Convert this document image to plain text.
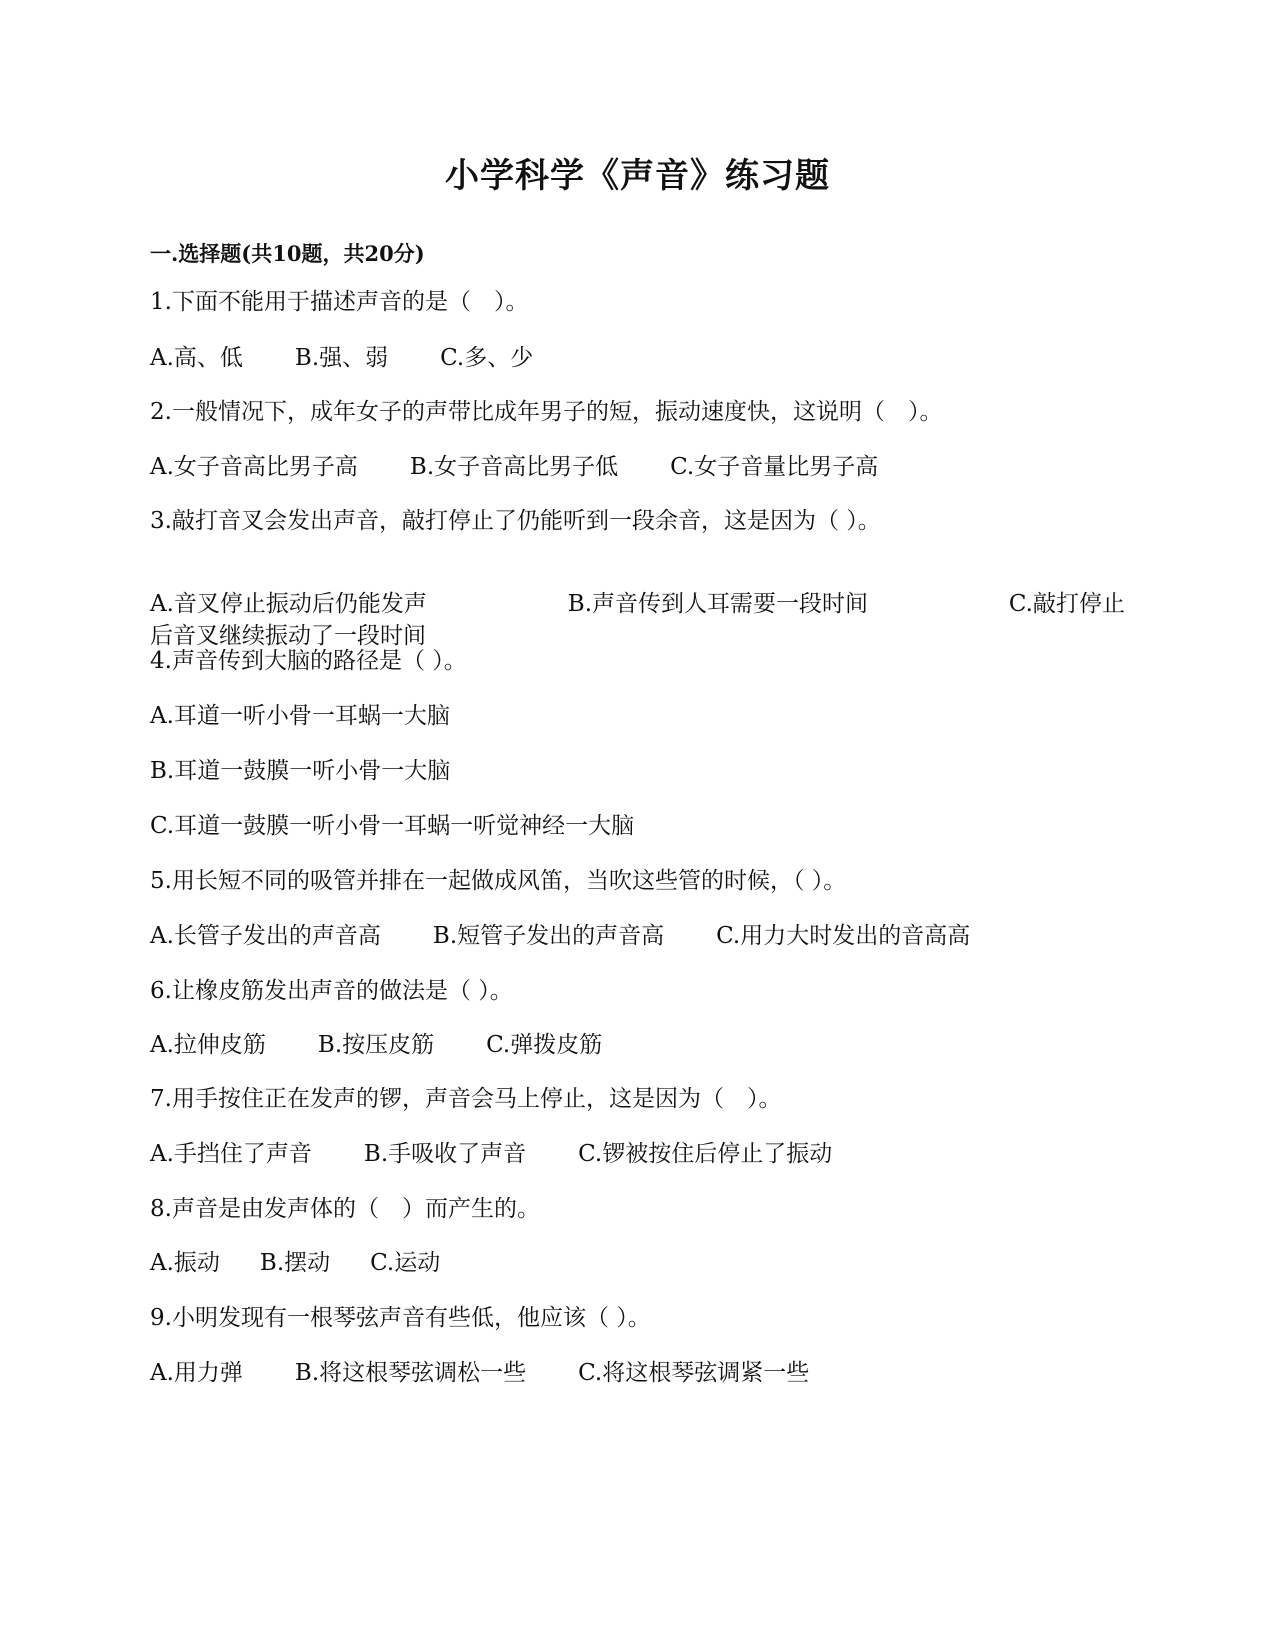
小学科学《声音》练习题
一.选择题(共10题，共20分)
1.下面不能用于描述声音的是（　）。
A.高、低 B.强、弱 C.多、少
2.一般情况下，成年女子的声带比成年男子的短，振动速度快，这说明（　）。
A.女子音高比男子高 B.女子音高比男子低 C.女子音量比男子高
3.敲打音叉会发出声音，敲打停止了仍能听到一段余音，这是因为（ ）。
A.音叉停止振动后仍能发声	B.声音传到人耳需要一段时间	C.敲打停止
后音叉继续振动了一段时间
4.声音传到大脑的路径是（ ）。
A.耳道一听小骨一耳蜗一大脑
B.耳道一鼓膜一听小骨一大脑
C.耳道一鼓膜一听小骨一耳蜗一听觉神经一大脑
5.用长短不同的吸管并排在一起做成风笛，当吹这些管的时候，（ ）。
A.长管子发出的声音高 B.短管子发出的声音高 C.用力大时发出的音高高
6.让橡皮筋发出声音的做法是（ ）。
A.拉伸皮筋 B.按压皮筋 C.弹拨皮筋
7.用手按住正在发声的锣，声音会马上停止，这是因为（　）。
A.手挡住了声音 B.手吸收了声音 C.锣被按住后停止了振动
8.声音是由发声体的（　）而产生的。
A.振动 B.摆动 C.运动
9.小明发现有一根琴弦声音有些低，他应该（ ）。
A.用力弹 B.将这根琴弦调松一些 C.将这根琴弦调紧一些
